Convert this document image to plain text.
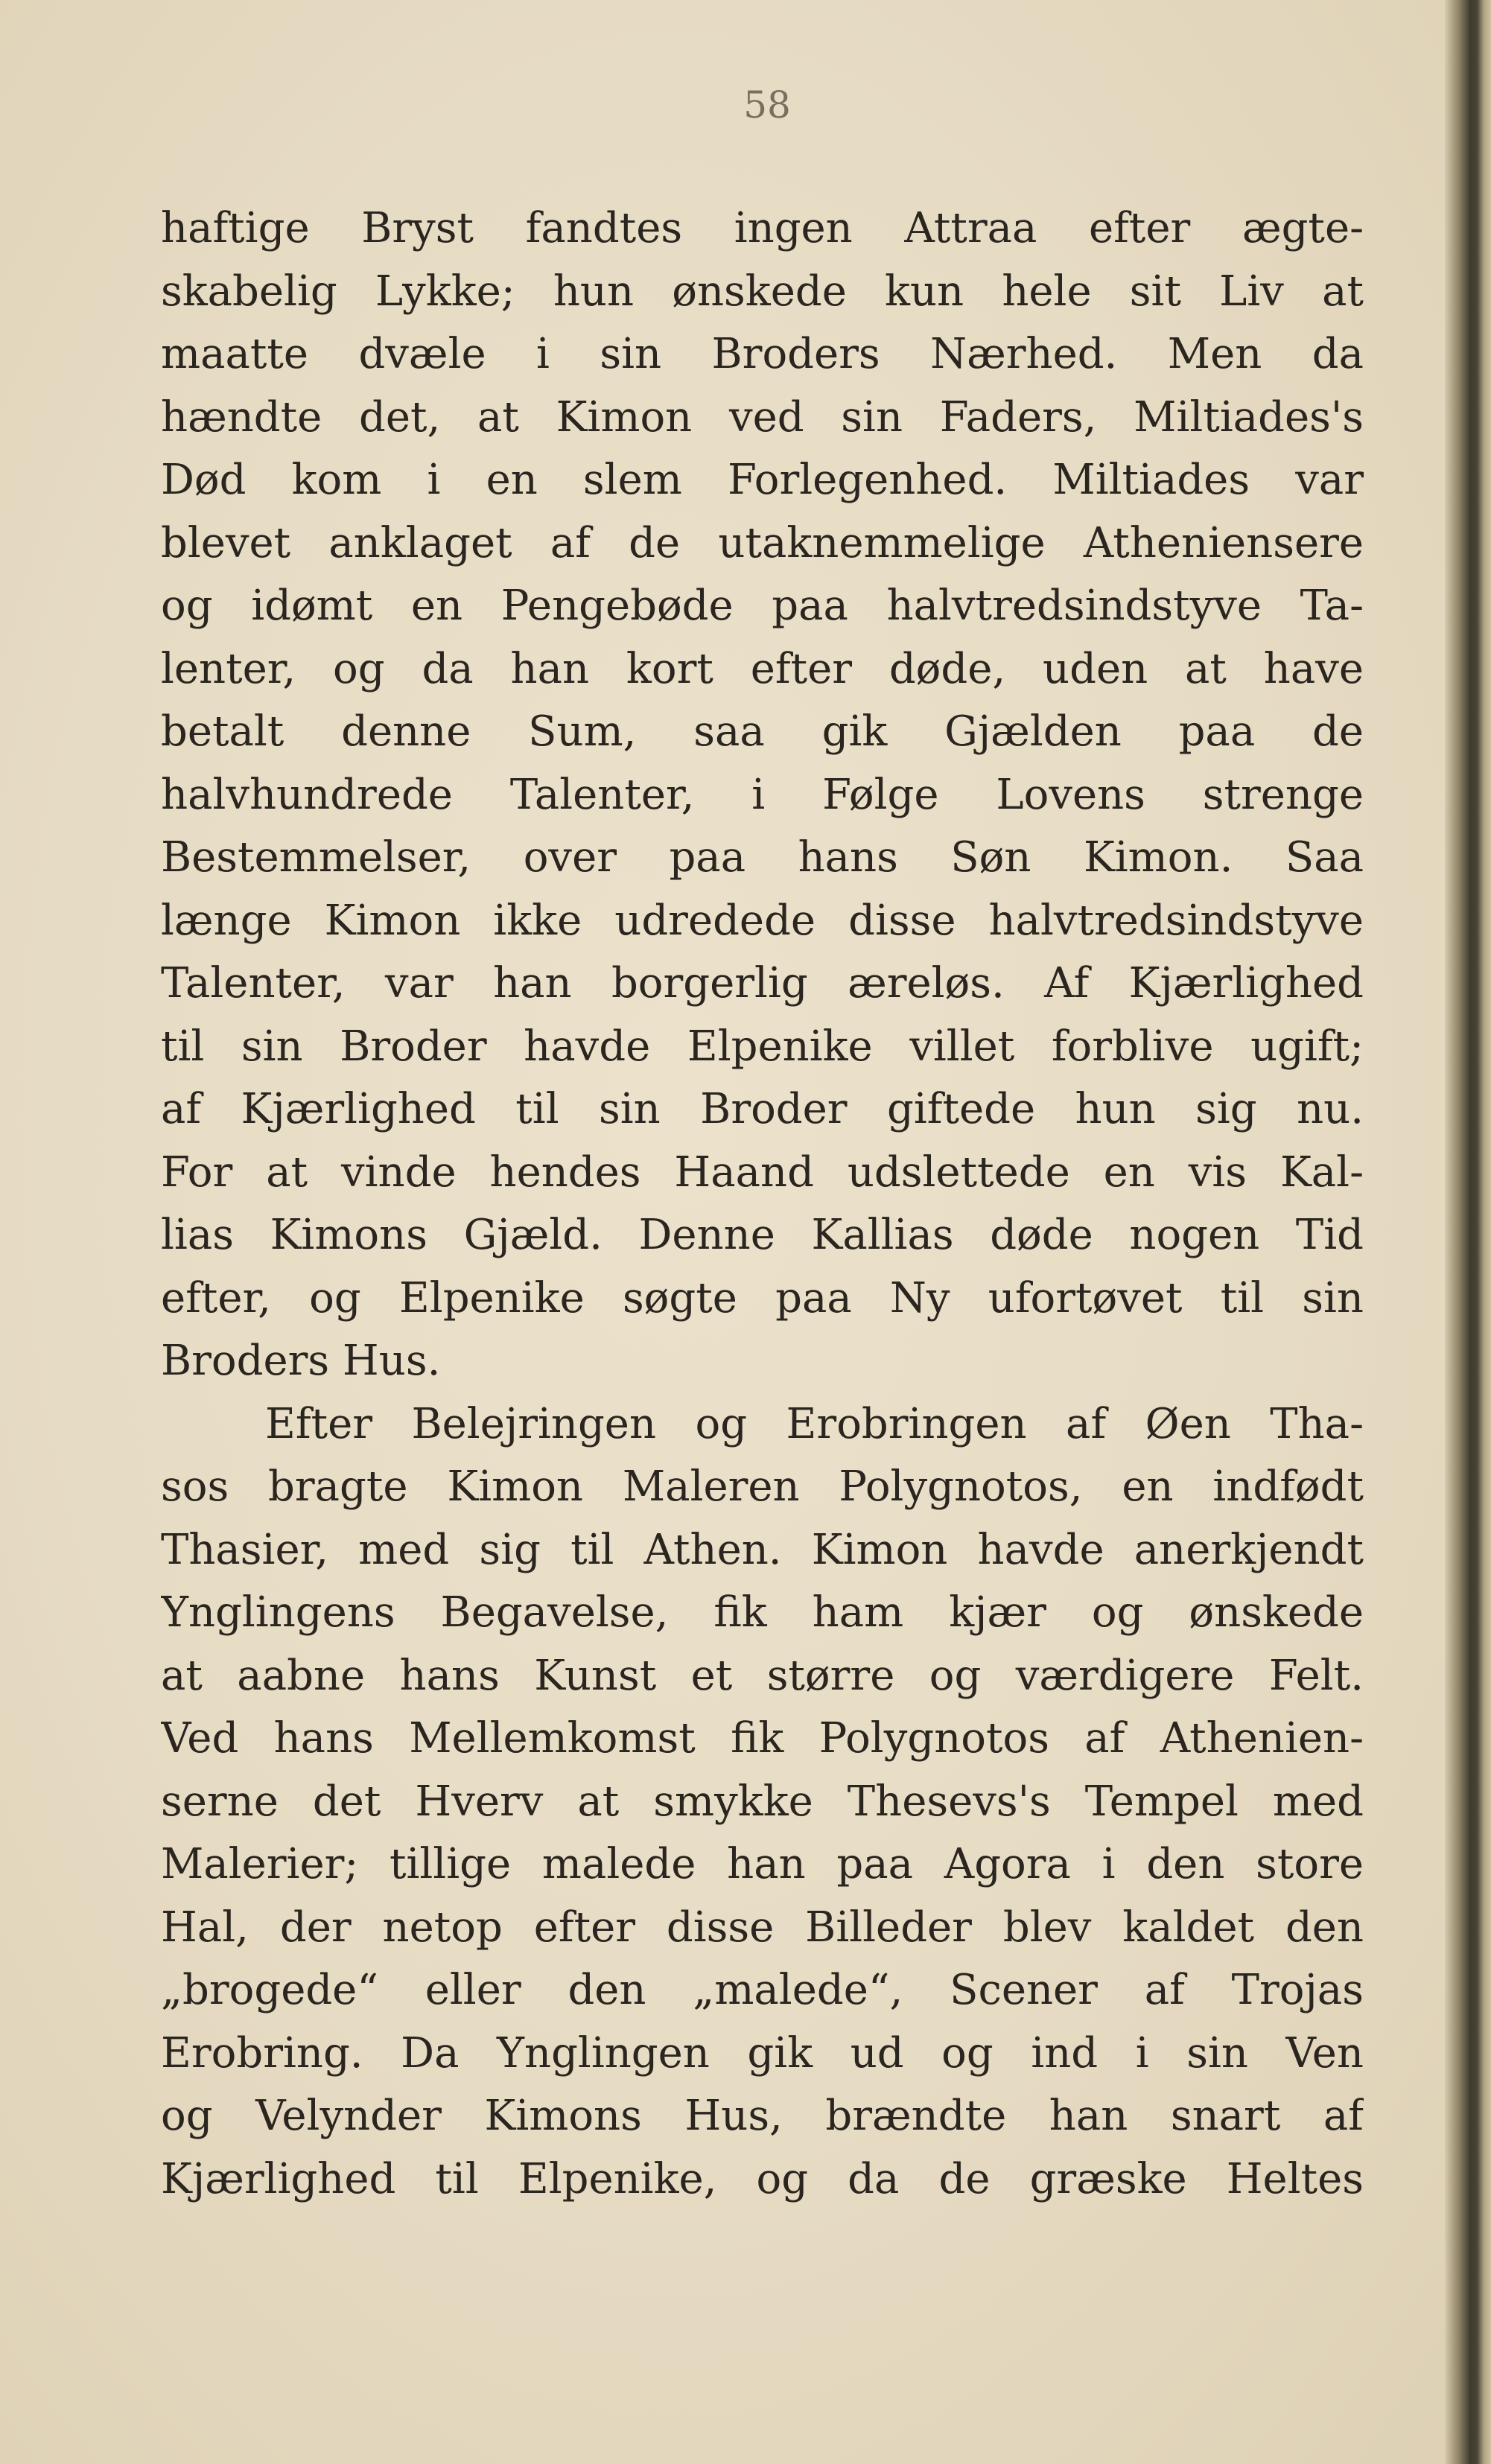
58
haftige Bryst fandtes ingen Attraa efter ægte-
skabelig Lykke; hun ønskede kun hele sit Liv at
maatte dvæle i sin Broders Nærhed. Men da
hændte det, at Kimon ved sin Faders, Miltiades's
Død kom i en slem Forlegenhed. Miltiades var
blevet anklaget af de utaknemmelige Atheniensere
og idømt en Pengebøde paa halvtredsindstyve Ta-
lenter, og da han kort efter døde, uden at have
betalt denne Sum, saa gik Gjælden paa de
halvhundrede Talenter, i Følge Lovens strenge
Bestemmelser, over paa hans Søn Kimon. Saa
længe Kimon ikke udredede disse halvtredsindstyve
Talenter, var han borgerlig æreløs. Af Kjærlighed
til sin Broder havde Elpenike villet forblive ugift;
af Kjærlighed til sin Broder giftede hun sig nu.
For at vinde hendes Haand udslettede en vis Kal-
lias Kimons Gjæld. Denne Kallias døde nogen Tid
efter, og Elpenike søgte paa Ny ufortøvet til sin
Broders Hus.
Efter Belejringen og Erobringen af Øen Tha-
sos bragte Kimon Maleren Polygnotos, en indfødt
Thasier, med sig til Athen. Kimon havde anerkjendt
Ynglingens Begavelse, fik ham kjær og ønskede
at aabne hans Kunst et større og værdigere Felt.
Ved hans Mellemkomst fik Polygnotos af Athenien-
serne det Hverv at smykke Thesevs's Tempel med
Malerier; tillige malede han paa Agora i den store
Hal, der netop efter disse Billeder blev kaldet den
„brogede“ eller den „malede“, Scener af Trojas
Erobring. Da Ynglingen gik ud og ind i sin Ven
og Velynder Kimons Hus, brændte han snart af
Kjærlighed til Elpenike, og da de græske Heltes
